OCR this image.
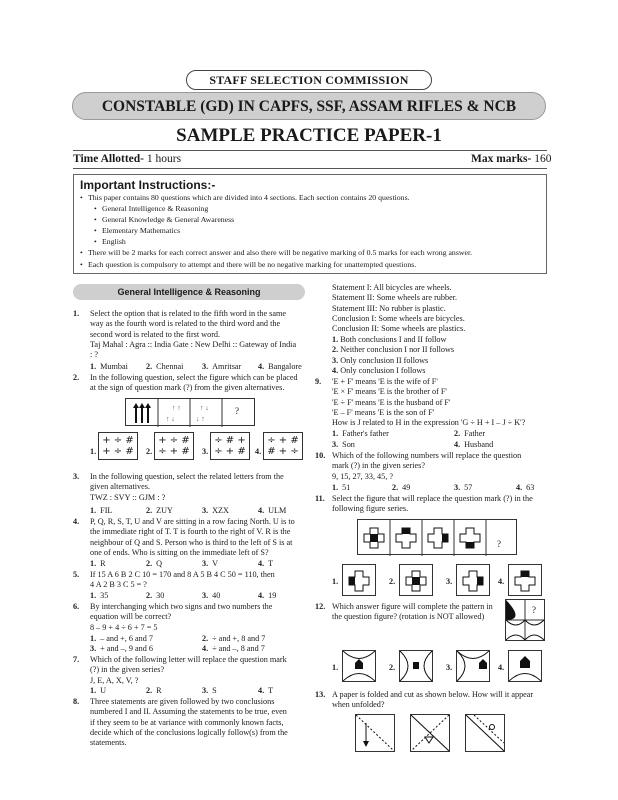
STAFF SELECTION COMMISSION
CONSTABLE (GD) IN CAPFS, SSF, ASSAM RIFLES & NCB
SAMPLE PRACTICE PAPER-1
Time Allotted- 1 hours	Max marks- 160
Important Instructions:-
• This paper contains 80 questions which are divided into 4 sections. Each section contains 20 questions.
• General Intelligence & Reasoning
• General Knowledge & General Awareness
• Elementary Mathematics
• English
• There will be 2 marks for each correct answer and also there will be negative marking of 0.5 marks for each wrong answer.
• Each question is compulsory to attempt and there will be no negative marking for unattempted questions.
General Intelligence & Reasoning
1. Select the option that is related to the fifth word in the same
way as the fourth word is related to the third word and the
second word is related to the first word.
Taj Mahal : Agra :: India Gate : New Delhi :: Gateway of India
: ?
1. Mumbai	2. Chennai	3. Amritsar	4. Bangalore
2. In the following question, select the figure which can be placed
at the sign of question mark (?) from the given alternatives.
↑ ↑
↑ ↓
↑ ↓
↓ ↑
?
1.
+ ÷ #
+ ÷ #	2.
+ ÷ #
÷ + #	3.
÷ # +
÷ + #	4.
÷ + #
# + ÷
3. In the following question, select the related letters from the
given alternatives.
TWZ : SVY :: GJM : ?
1. FIL	2. ZUY	3. XZX	4. ULM
4. P, Q, R, S, T, U and V are sitting in a row facing North. U is to
the immediate right of T. T is fourth to the right of V. R is the
neighbour of Q and S. Person who is third to the left of S is at
one of ends. Who is sitting on the immediate left of S?
1. R	2. Q	3. V	4. T
5. If 15 A 6 B 2 C 10 = 170 and 8 A 5 B 4 C 50 = 110, then
4 A 2 B 3 C 5 = ?
1. 35	2. 30	3. 40	4. 19
6. By interchanging which two signs and two numbers the
equation will be correct?
8 – 9 + 4 ÷ 6 + 7 = 5
1. – and +, 6 and 7	2. ÷ and +, 8 and 7
3. + and –, 9 and 6	4. ÷ and –, 8 and 7
7. Which of the following letter will replace the question mark
(?) in the given series?
J, E, A, X, V, ?
1. U	2. R	3. S	4. T
8. Three statements are given followed by two conclusions
numbered I and II. Assuming the statements to be true, even
if they seem to be at variance with commonly known facts,
decide which of the conclusions logically follow(s) from the
statements.
Statement I: All bicycles are wheels.
Statement II: Some wheels are rubber.
Statement III: No rubber is plastic.
Conclusion I: Some wheels are bicycles.
Conclusion II: Some wheels are plastics.
1. Both conclusions I and II follow
2. Neither conclusion I nor II follows
3. Only conclusion II follows
4. Only conclusion I follows
9. 'E + F' means 'E is the wife of F'
'E × F' means 'E is the brother of F'
'E ÷ F' means 'E is the husband of F'
'E – F' means 'E is the son of F'
How is J related to H in the expression 'G ÷ H + I – J ÷ K'?
1. Father's father	2. Father
3. Son	4. Husband
10. Which of the following numbers will replace the question
mark (?) in the given series?
9, 15, 27, 33, 45, ?
1. 51	2. 49	3. 57	4. 63
11. Select the figure that will replace the question mark (?) in the
following figure series.
?
1.	2.	3.	4.
12. Which answer figure will complete the pattern in
the question figure? (rotation is NOT allowed)
?
1.	2.	3.	4.
13. A paper is folded and cut as shown below. How will it appear
when unfolded?
